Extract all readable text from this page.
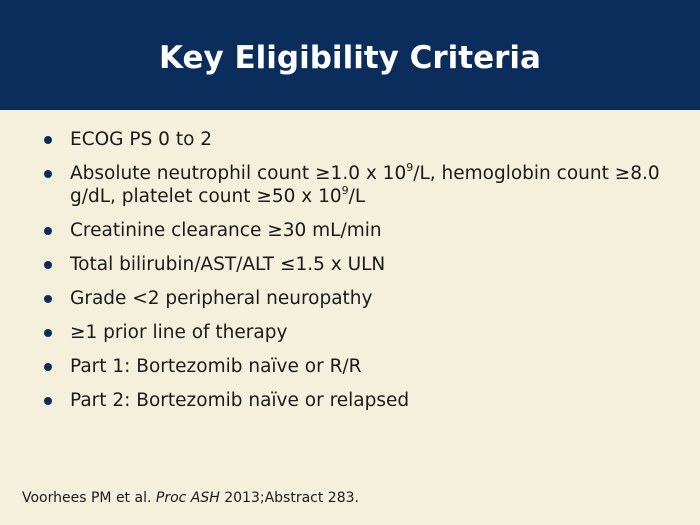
Key Eligibility Criteria
ECOG PS 0 to 2
Absolute neutrophil count ≥1.0 x $10^9/L$, hemoglobin count ≥8.0 g/dL, platelet count ≥50 x $10^9/L$
Creatinine clearance ≥30 mL/min
Total bilirubin/AST/ALT ≤1.5 x ULN
Grade <2 peripheral neuropathy
≥1 prior line of therapy
Part 1: Bortezomib naïve or R/R
Part 2: Bortezomib naïve or relapsed
Voorhees PM et al. Proc ASH 2013;Abstract 283.
